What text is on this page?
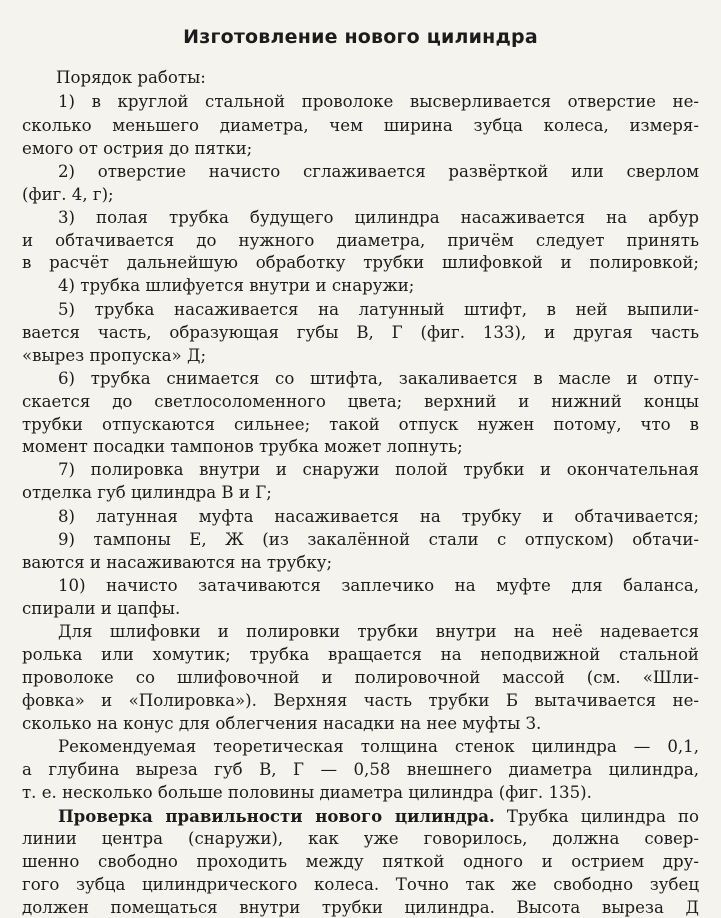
Изготовление нового цилиндра
Порядок работы:
1) в круглой стальной проволоке высверливается отверстие не-
сколько меньшего диаметра, чем ширина зубца колеса, измеря-
емого от острия до пятки;
2) отверстие начисто сглаживается развёрткой или сверлом
(фиг. 4, г);
3) полая трубка будущего цилиндра насаживается на арбур
и обтачивается до нужного диаметра, причём следует принять
в расчёт дальнейшую обработку трубки шлифовкой и полировкой;
4) трубка шлифуется внутри и снаружи;
5) трубка насаживается на латунный штифт, в ней выпили-
вается часть, образующая губы В, Г (фиг. 133), и другая часть
«вырез пропуска» Д;
6) трубка снимается со штифта, закаливается в масле и отпу-
скается до светлосоломенного цвета; верхний и нижний концы
трубки отпускаются сильнее; такой отпуск нужен потому, что в
момент посадки тампонов трубка может лопнуть;
7) полировка внутри и снаружи полой трубки и окончательная
отделка губ цилиндра В и Г;
8) латунная муфта насаживается на трубку и обтачивается;
9) тампоны Е, Ж (из закалённой стали с отпуском) обтачи-
ваются и насаживаются на трубку;
10) начисто затачиваются заплечико на муфте для баланса,
спирали и цапфы.
Для шлифовки и полировки трубки внутри на неё надевается
ролька или хомутик; трубка вращается на неподвижной стальной
проволоке со шлифовочной и полировочной массой (см. «Шли-
фовка» и «Полировка»). Верхняя часть трубки Б вытачивается не-
сколько на конус для облегчения насадки на нее муфты З.
Рекомендуемая теоретическая толщина стенок цилиндра — 0,1,
а глубина выреза губ В, Г — 0,58 внешнего диаметра цилиндра,
т. е. несколько больше половины диаметра цилиндра (фиг. 135).
Проверка правильности нового цилиндра. Трубка цилиндра по
линии центра (снаружи), как уже говорилось, должна совер-
шенно свободно проходить между пяткой одного и острием дру-
гого зубца цилиндрического колеса. Точно так же свободно зубец
должен помещаться внутри трубки цилиндра. Высота выреза Д
